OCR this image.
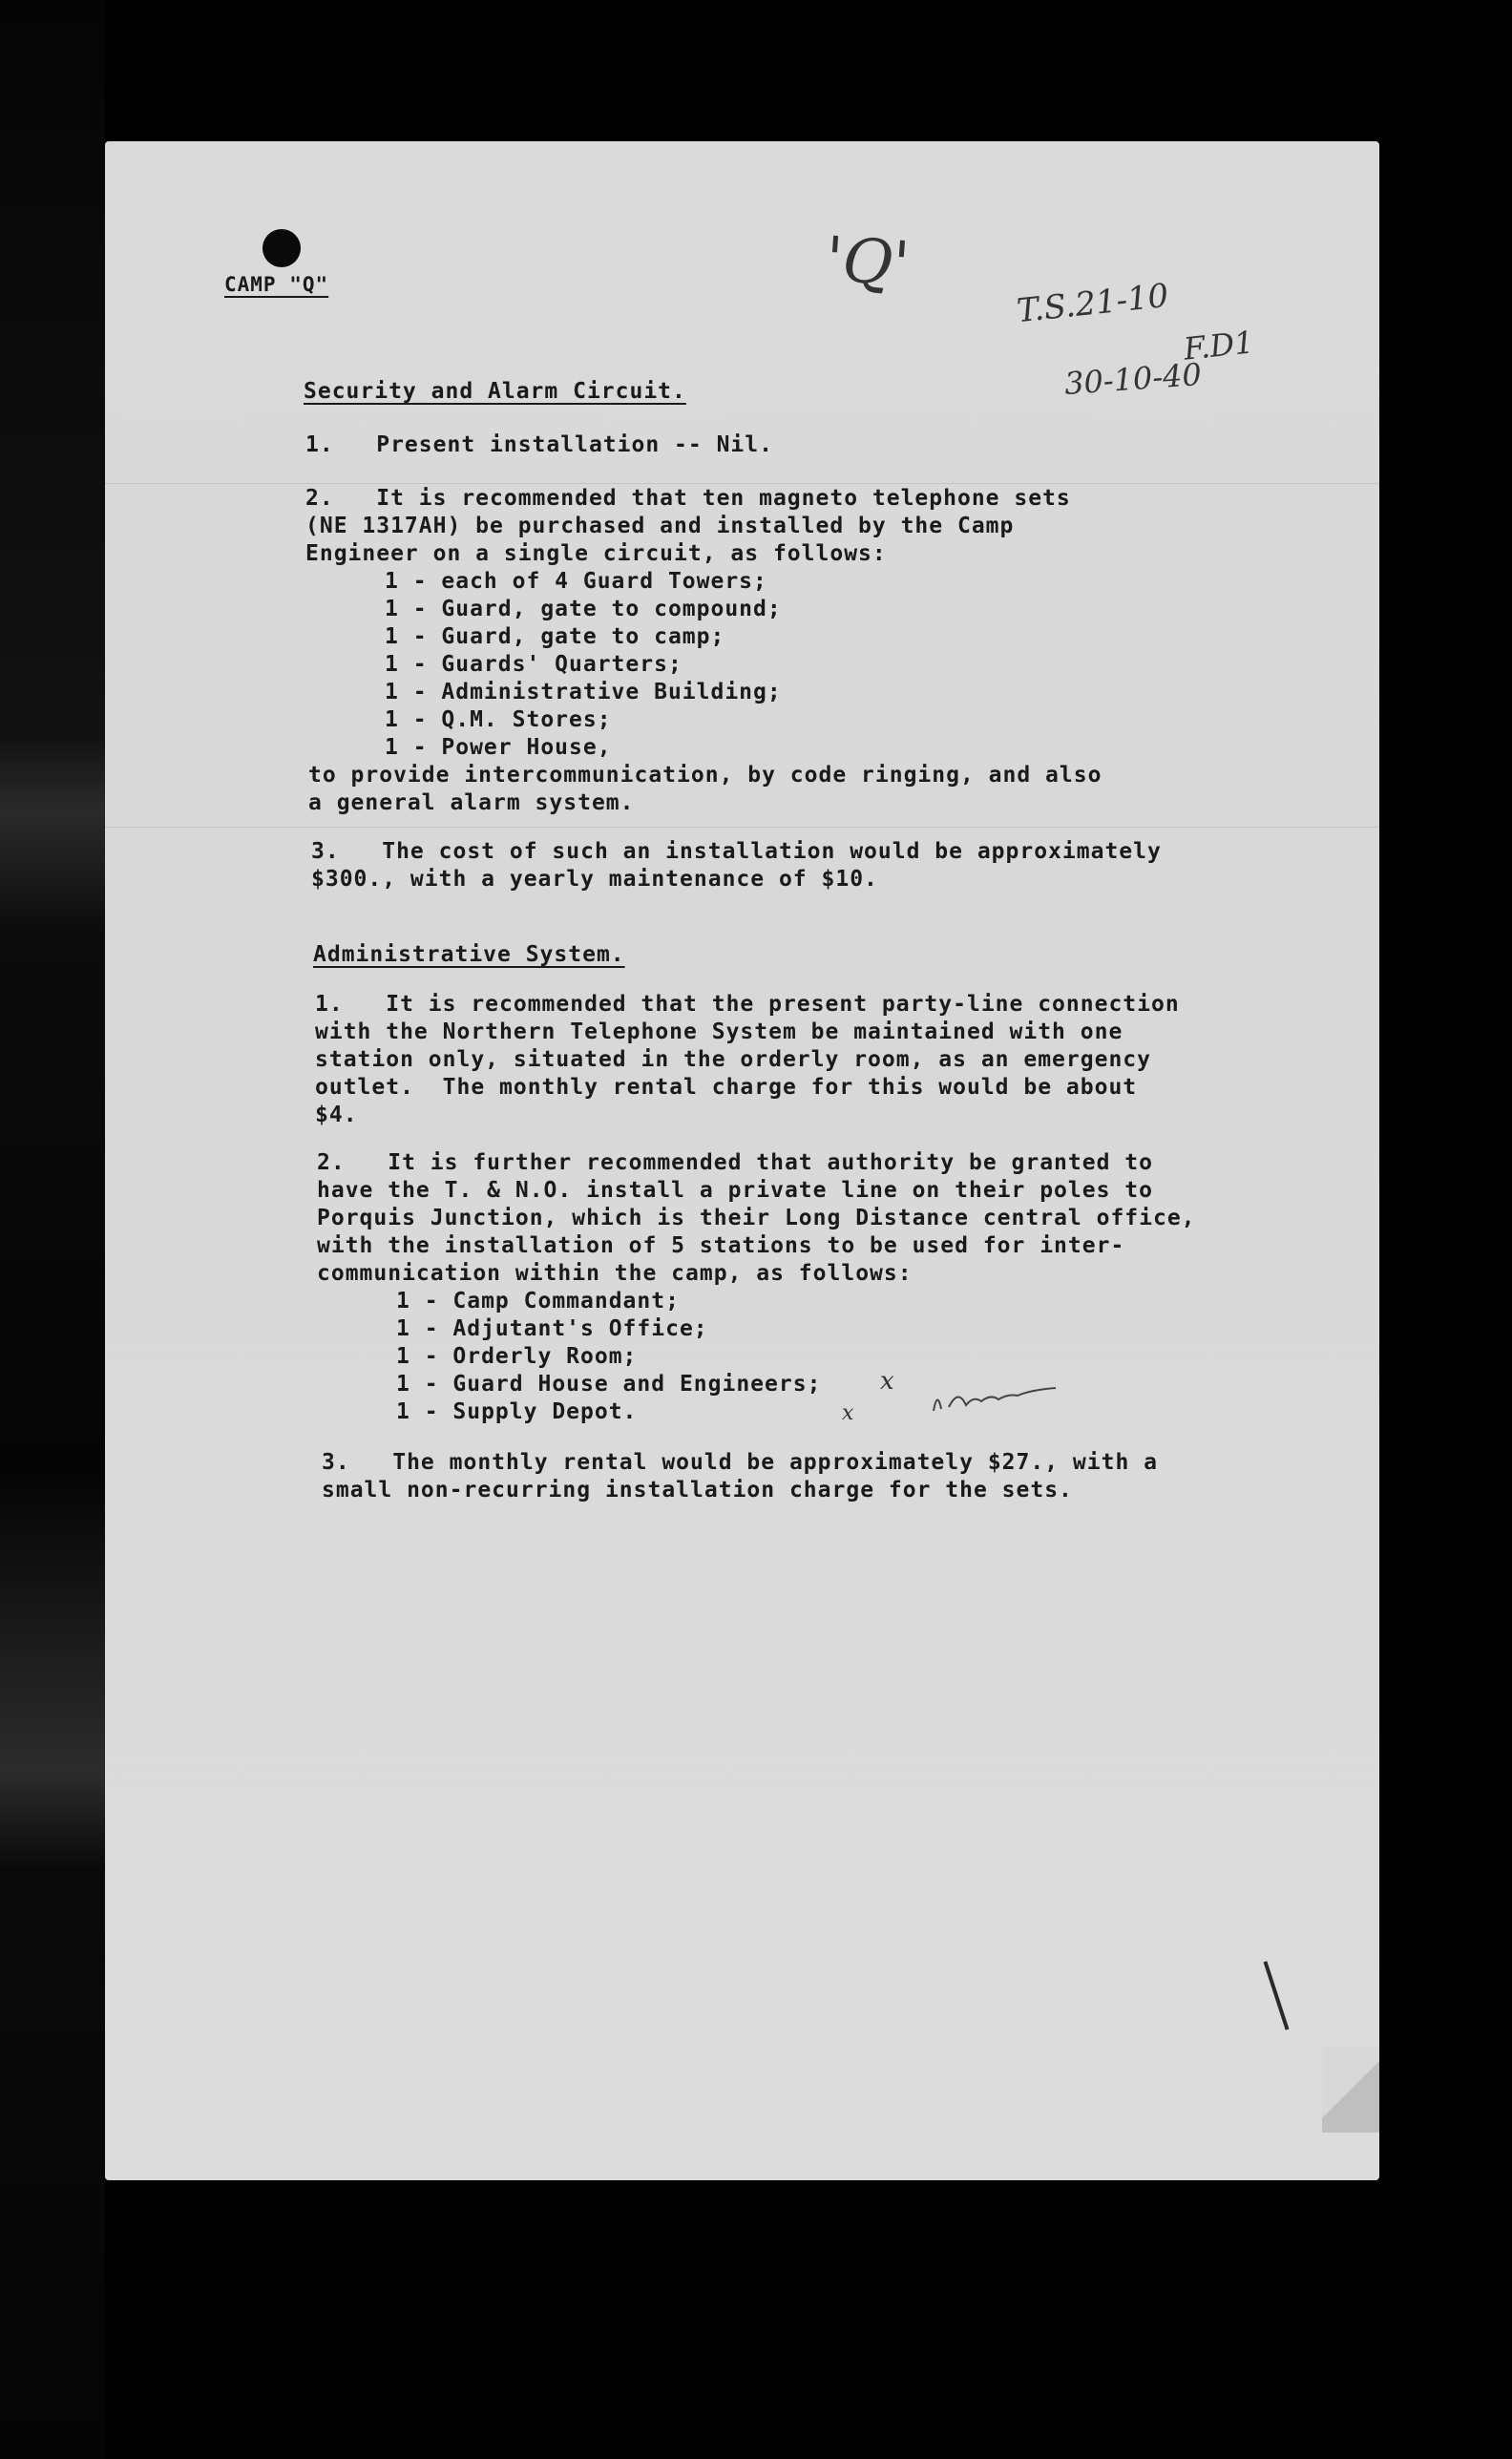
CAMP "Q"	'Q'
T.S.21-10
F.D1
30-10-40
Security and Alarm Circuit.
1.   Present installation -- Nil.
2.   It is recommended that ten magneto telephone sets
(NE 1317AH) be purchased and installed by the Camp
Engineer on a single circuit, as follows:
1 - each of 4 Guard Towers;
1 - Guard, gate to compound;
1 - Guard, gate to camp;
1 - Guards' Quarters;
1 - Administrative Building;
1 - Q.M. Stores;
1 - Power House,
to provide intercommunication, by code ringing, and also
a general alarm system.
3.   The cost of such an installation would be approximately
$300., with a yearly maintenance of $10.
Administrative System.
1.   It is recommended that the present party-line connection
with the Northern Telephone System be maintained with one
station only, situated in the orderly room, as an emergency
outlet.  The monthly rental charge for this would be about
$4.
2.   It is further recommended that authority be granted to
have the T. & N.O. install a private line on their poles to
Porquis Junction, which is their Long Distance central office,
with the installation of 5 stations to be used for inter-
communication within the camp, as follows:
1 - Camp Commandant;
1 - Adjutant's Office;
1 - Orderly Room;
1 - Guard House and Engineers;
1 - Supply Depot.
x
x
3.   The monthly rental would be approximately $27., with a
small non-recurring installation charge for the sets.
